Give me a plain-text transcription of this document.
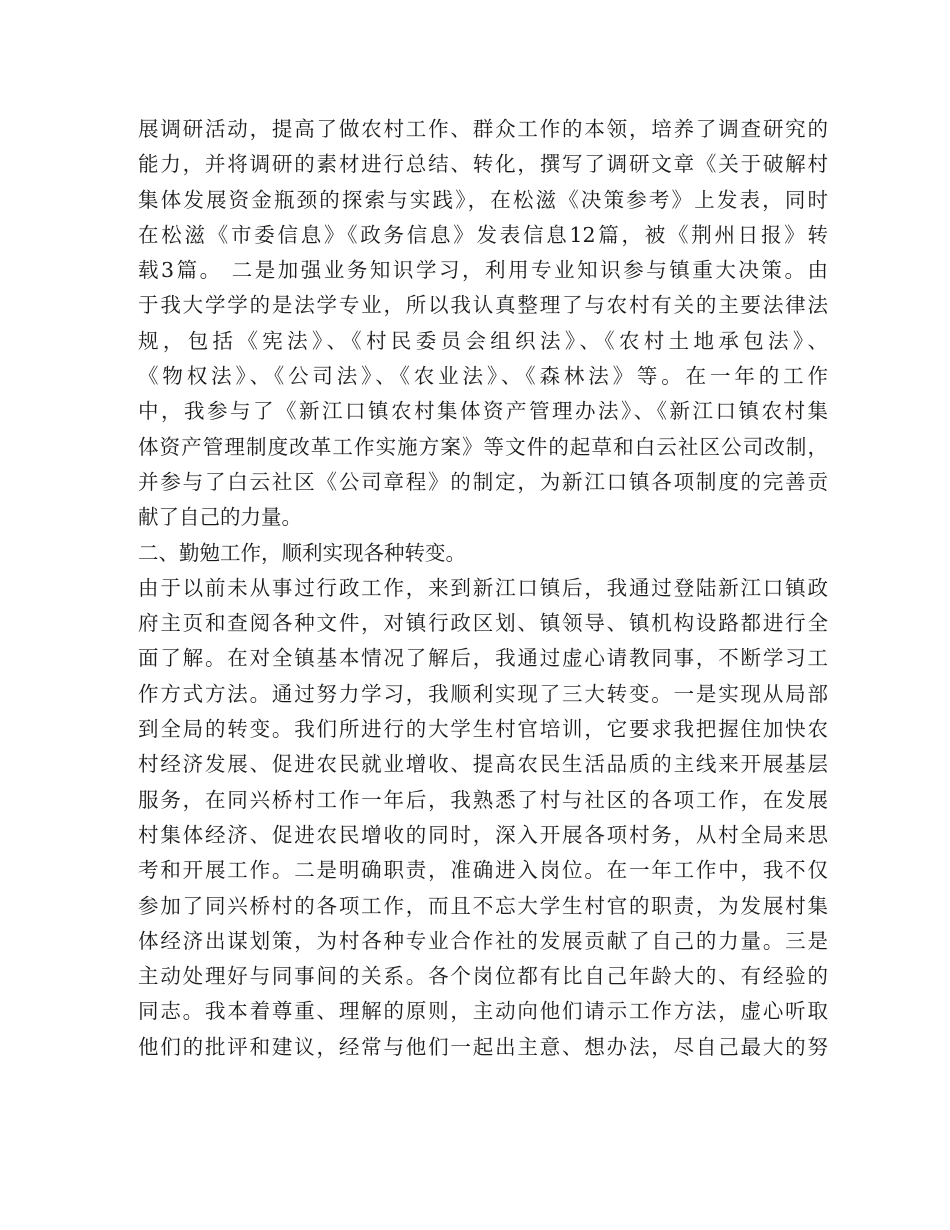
展调研活动，提高了做农村工作、群众工作的本领，培养了调查研究的
能力，并将调研的素材进行总结、转化，撰写了调研文章《关于破解村
集体发展资金瓶颈的探索与实践》，在松滋《决策参考》上发表，同时
在松滋《市委信息》《政务信息》发表信息12篇，被《荆州日报》转
载3篇。 二是加强业务知识学习，利用专业知识参与镇重大决策。由
于我大学学的是法学专业，所以我认真整理了与农村有关的主要法律法
规，包括《宪法》、《村民委员会组织法》、《农村土地承包法》、
《物权法》、《公司法》、《农业法》、《森林法》等。在一年的工作
中，我参与了《新江口镇农村集体资产管理办法》、《新江口镇农村集
体资产管理制度改革工作实施方案》等文件的起草和白云社区公司改制，
并参与了白云社区《公司章程》的制定，为新江口镇各项制度的完善贡
献了自己的力量。
二、勤勉工作，顺利实现各种转变。
由于以前未从事过行政工作，来到新江口镇后，我通过登陆新江口镇政
府主页和查阅各种文件，对镇行政区划、镇领导、镇机构设路都进行全
面了解。在对全镇基本情况了解后，我通过虚心请教同事，不断学习工
作方式方法。通过努力学习，我顺利实现了三大转变。一是实现从局部
到全局的转变。我们所进行的大学生村官培训，它要求我把握住加快农
村经济发展、促进农民就业增收、提高农民生活品质的主线来开展基层
服务，在同兴桥村工作一年后，我熟悉了村与社区的各项工作，在发展
村集体经济、促进农民增收的同时，深入开展各项村务，从村全局来思
考和开展工作。二是明确职责，准确进入岗位。在一年工作中，我不仅
参加了同兴桥村的各项工作，而且不忘大学生村官的职责，为发展村集
体经济出谋划策，为村各种专业合作社的发展贡献了自己的力量。三是
主动处理好与同事间的关系。各个岗位都有比自己年龄大的、有经验的
同志。我本着尊重、理解的原则，主动向他们请示工作方法，虚心听取
他们的批评和建议，经常与他们一起出主意、想办法，尽自己最大的努
